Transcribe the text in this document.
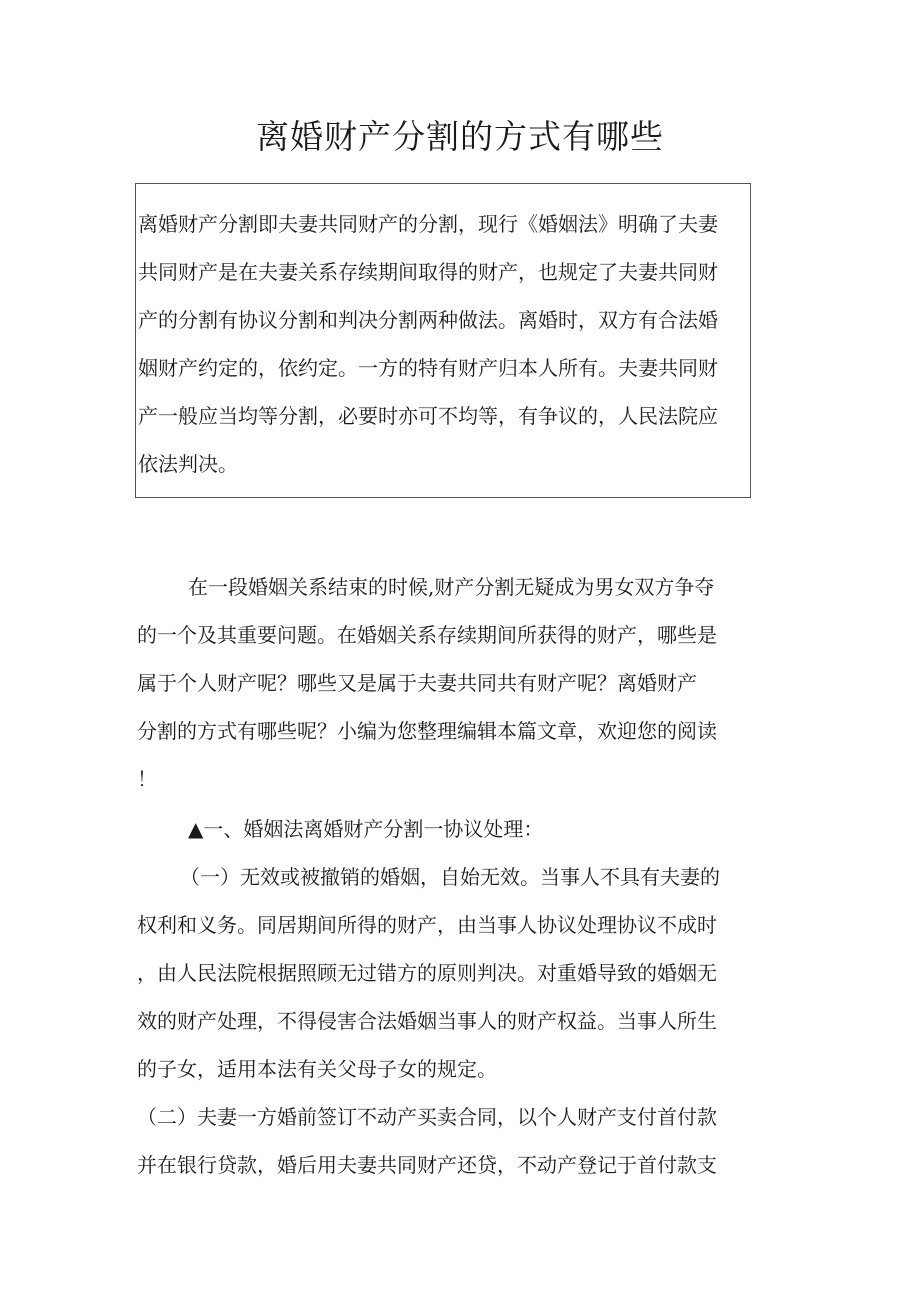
离婚财产分割的方式有哪些
离婚财产分割即夫妻共同财产的分割，现行《婚姻法》明确了夫妻
共同财产是在夫妻关系存续期间取得的财产，也规定了夫妻共同财
产的分割有协议分割和判决分割两种做法。离婚时，双方有合法婚
姻财产约定的，依约定。一方的特有财产归本人所有。夫妻共同财
产一般应当均等分割，必要时亦可不均等，有争议的，人民法院应
依法判决。
在一段婚姻关系结束的时候,财产分割无疑成为男女双方争夺
的一个及其重要问题。在婚姻关系存续期间所获得的财产，哪些是
属于个人财产呢？哪些又是属于夫妻共同共有财产呢？离婚财产
分割的方式有哪些呢？小编为您整理编辑本篇文章，欢迎您的阅读
！
▲一、婚姻法离婚财产分割一协议处理：
（一）无效或被撤销的婚姻，自始无效。当事人不具有夫妻的
权利和义务。同居期间所得的财产，由当事人协议处理协议不成时
，由人民法院根据照顾无过错方的原则判决。对重婚导致的婚姻无
效的财产处理，不得侵害合法婚姻当事人的财产权益。当事人所生
的子女，适用本法有关父母子女的规定。
（二）夫妻一方婚前签订不动产买卖合同，以个人财产支付首付款
并在银行贷款，婚后用夫妻共同财产还贷，不动产登记于首付款支
